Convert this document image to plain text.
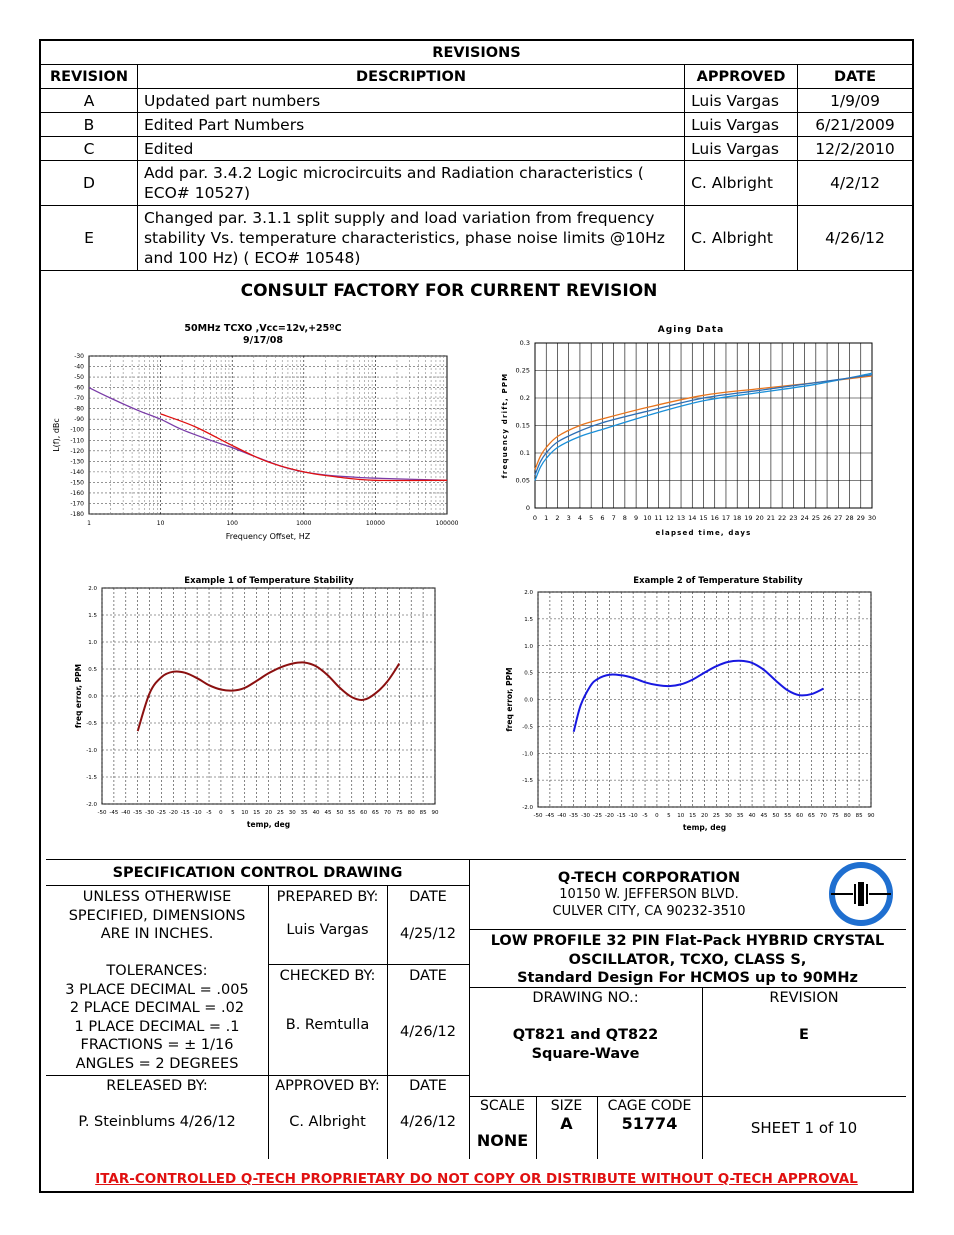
REVISIONS			
REVISION	DESCRIPTION	APPROVED	DATE
A	Updated part numbers	Luis Vargas	1/9/09
B	Edited Part Numbers	Luis Vargas	6/21/2009
C	Edited	Luis Vargas	12/2/2010
D	Add par. 3.4.2 Logic microcircuits and Radiation characteristics ( ECO# 10527)	C. Albright	4/2/12
E	Changed par. 3.1.1 split supply and load variation from frequency stability Vs. temperature characteristics, phase noise limits @10Hz and 100 Hz) ( ECO# 10548)	C. Albright	4/26/12
CONSULT FACTORY FOR CURRENT REVISION
-30
-40
-50
-60
-70
-80
-90
-100
-110
-120
-130
-140
-150
-160
-170
-180
1	10	100	1000	10000	100000
50MHz TCXO ,Vcc=12v,+25ºC
9/17/08
Frequency Offset, HZ
L(f), dBc
0
0.05
0.1
0.15
0.2
0.25
0.3
0 1 2 3 4 5 6 7 8 9 10 11 12 13 14 15 16 17 18 19 20 21 22 23 24 25 26 27 28 29 30
Aging Data
elapsed time, days
frequency drift, PPM
2.0
1.5
1.0
0.5
0.0
-0.5
-1.0
-1.5
-2.0
-50 -45 -40 -35 -30 -25 -20 -15 -10 -5 0 5 10 15 20 25 30 35 40 45 50 55 60 65 70 75 80 85 90
Example 1 of Temperature Stability
temp, deg
freq error, PPM
2.0
1.5
1.0
0.5
0.0
-0.5
-1.0
-1.5
-2.0
-50 -45 -40 -35 -30 -25 -20 -15 -10 -5 0 5 10 15 20 25 30 35 40 45 50 55 60 65 70 75 80 85 90
Example 2 of Temperature Stability
temp, deg
freq error, PPM
SPECIFICATION CONTROL DRAWING
UNLESS OTHERWISE
SPECIFIED, DIMENSIONS
ARE IN INCHES.
TOLERANCES:
3 PLACE DECIMAL = .005
2 PLACE DECIMAL = .02
1 PLACE DECIMAL = .1
FRACTIONS = ± 1/16
ANGLES = 2 DEGREES
PREPARED BY:
Luis Vargas
DATE
4/25/12
CHECKED BY:
B. Remtulla
DATE
4/26/12
RELEASED BY:
P. Steinblums 4/26/12
APPROVED BY:
C. Albright
DATE
4/26/12
Q-TECH CORPORATION
10150 W. JEFFERSON BLVD.
CULVER CITY, CA 90232-3510
LOW PROFILE 32 PIN Flat-Pack HYBRID CRYSTAL
OSCILLATOR, TCXO, CLASS S,
Standard Design For HCMOS up to 90MHz
DRAWING NO.:
QT821 and QT822
Square-Wave
REVISION
E
SCALE
NONE
SIZE
A
CAGE CODE
51774	SHEET 1 of 10
ITAR-CONTROLLED Q-TECH PROPRIETARY DO NOT COPY OR DISTRIBUTE WITHOUT Q-TECH APPROVAL
